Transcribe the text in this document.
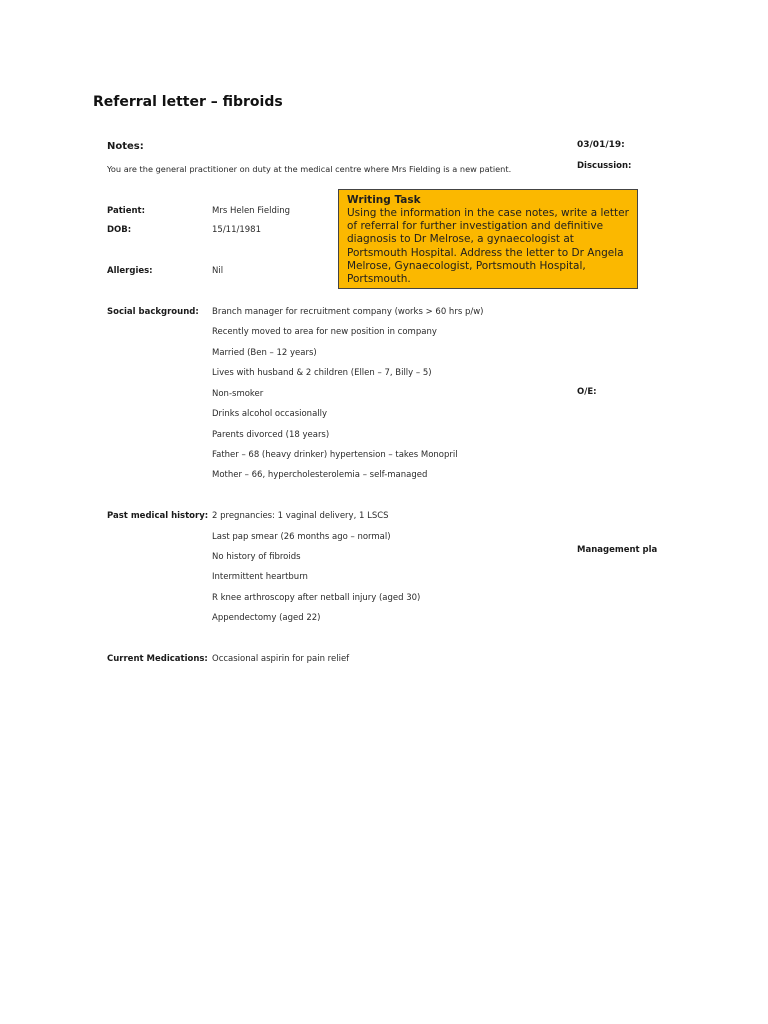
Referral letter – fibroids
Notes:
You are the general practitioner on duty at the medical centre where Mrs Fielding is a new patient.
03/01/19:
Discussion:
O/E:
Management pla
Writing Task
Using the information in the case notes, write a letter of referral for further investigation and definitive diagnosis to Dr Melrose, a gynaecologist at Portsmouth Hospital. Address the letter to Dr Angela Melrose, Gynaecologist, Portsmouth Hospital, Portsmouth.
Patient:	Mrs Helen Fielding
DOB:	15/11/1981
Allergies:	Nil
Social background: Branch manager for recruitment company (works > 60 hrs p/w)
Recently moved to area for new position in company
Married (Ben – 12 years)
Lives with husband & 2 children (Ellen – 7, Billy – 5)
Non-smoker
Drinks alcohol occasionally
Parents divorced (18 years)
Father – 68 (heavy drinker) hypertension – takes Monopril
Mother – 66, hypercholesterolemia – self-managed
Past medical history: 2 pregnancies: 1 vaginal delivery, 1 LSCS
Last pap smear (26 months ago – normal)
No history of fibroids
Intermittent heartburn
R knee arthroscopy after netball injury (aged 30)
Appendectomy (aged 22)
Current Medications: Occasional aspirin for pain relief
